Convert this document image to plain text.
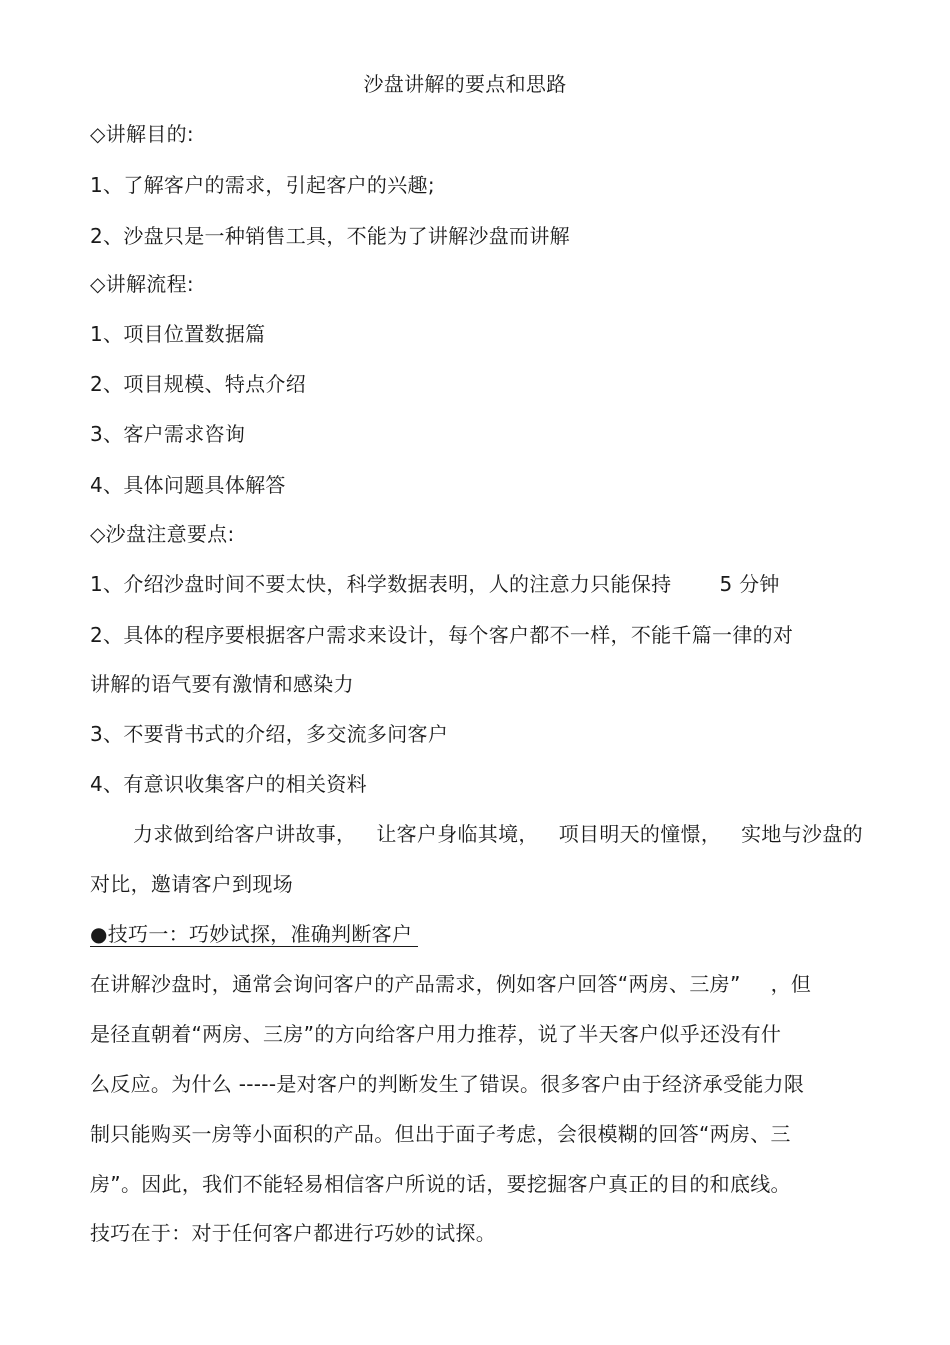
沙盘讲解的要点和思路
◇讲解目的:
1、了解客户的需求，引起客户的兴趣;
2、沙盘只是一种销售工具，不能为了讲解沙盘而讲解
◇讲解流程:
1、项目位置数据篇
2、项目规模、特点介绍
3、客户需求咨询
4、具体问题具体解答
◇沙盘注意要点:
1、介绍沙盘时间不要太快，科学数据表明，人的注意力只能保持 5 分钟
2、具体的程序要根据客户需求来设计，每个客户都不一样，不能千篇一律的对
讲解的语气要有激情和感染力
3、不要背书式的介绍，多交流多问客户
4、有意识收集客户的相关资料
力求做到给客户讲故事， 让客户身临其境， 项目明天的憧憬， 实地与沙盘的
对比，邀请客户到现场
●技巧一：巧妙试探，准确判断客户
在讲解沙盘时，通常会询问客户的产品需求，例如客户回答“两房、三房” ，但
是径直朝着“两房、三房”的方向给客户用力推荐，说了半天客户似乎还没有什
么反应。为什么 -----是对客户的判断发生了错误。很多客户由于经济承受能力限
制只能购买一房等小面积的产品。但出于面子考虑，会很模糊的回答“两房、三
房”。因此，我们不能轻易相信客户所说的话，要挖掘客户真正的目的和底线。
技巧在于：对于任何客户都进行巧妙的试探。
